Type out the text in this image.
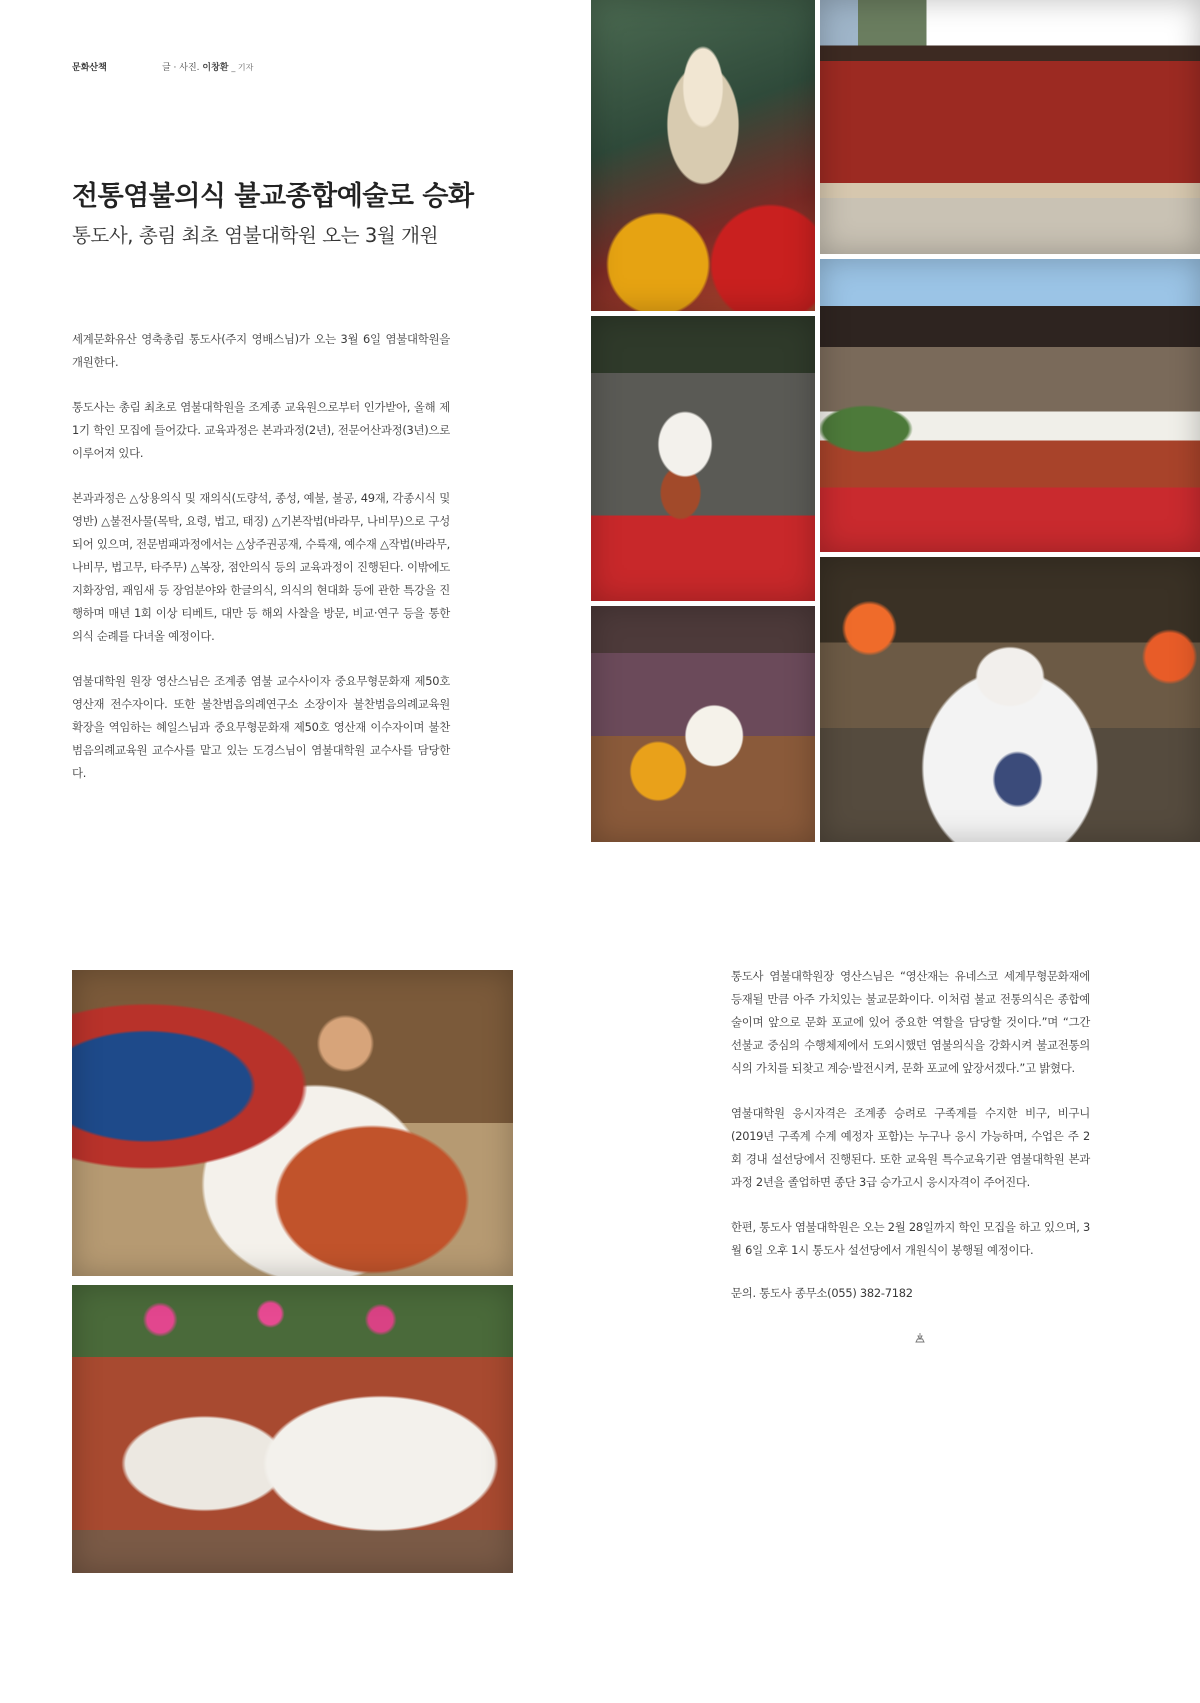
문화산책	글 · 사진. 이창환 _ 기자
전통염불의식 불교종합예술로 승화
통도사, 총림 최초 염불대학원 오는 3월 개원

세계문화유산 영축총림 통도사(주지 영배스님)가 오는 3월 6일 염불대학원을 개원한다.

통도사는 총림 최초로 염불대학원을 조계종 교육원으로부터 인가받아, 올해 제1기 학인 모집에 들어갔다. 교육과정은 본과과정(2년), 전문어산과정(3년)으로 이루어져 있다.

본과과정은 △상용의식 및 재의식(도량석, 종성, 예불, 불공, 49재, 각종시식 및 영반) △불전사물(목탁, 요령, 법고, 태징) △기본작법(바라무, 나비무)으로 구성되어 있으며, 전문범패과정에서는 △상주권공재, 수륙재, 예수재 △작법(바라무, 나비무, 법고무, 타주무) △복장, 점안의식 등의 교육과정이 진행된다. 이밖에도 지화장엄, 괘임새 등 장엄분야와 한글의식, 의식의 현대화 등에 관한 특강을 진행하며 매년 1회 이상 티베트, 대만 등 해외 사찰을 방문, 비교·연구 등을 통한 의식 순례를 다녀올 예정이다.

염불대학원 원장 영산스님은 조계종 염불 교수사이자 중요무형문화재 제50호 영산재 전수자이다. 또한 불찬범음의례연구소 소장이자 불찬범음의례교육원 확장을 역임하는 혜일스님과 중요무형문화재 제50호 영산재 이수자이며 불찬범음의례교육원 교수사를 맡고 있는 도경스님이 염불대학원 교수사를 담당한다.

통도사 염불대학원장 영산스님은 “영산재는 유네스코 세계무형문화재에 등재될 만큼 아주 가치있는 불교문화이다. 이처럼 불교 전통의식은 종합예술이며 앞으로 문화 포교에 있어 중요한 역할을 담당할 것이다.”며 “그간 선불교 중심의 수행체제에서 도외시했던 염불의식을 강화시켜 불교전통의식의 가치를 되찾고 계승·발전시켜, 문화 포교에 앞장서겠다.”고 밝혔다.

염불대학원 응시자격은 조계종 승려로 구족계를 수지한 비구, 비구니(2019년 구족계 수계 예정자 포함)는 누구나 응시 가능하며, 수업은 주 2회 경내 설선당에서 진행된다. 또한 교육원 특수교육기관 염불대학원 본과과정 2년을 졸업하면 종단 3급 승가고시 응시자격이 주어진다.

한편, 통도사 염불대학원은 오는 2월 28일까지 학인 모집을 하고 있으며, 3월 6일 오후 1시 통도사 설선당에서 개원식이 봉행될 예정이다.

문의. 통도사 종무소(055) 382-7182
